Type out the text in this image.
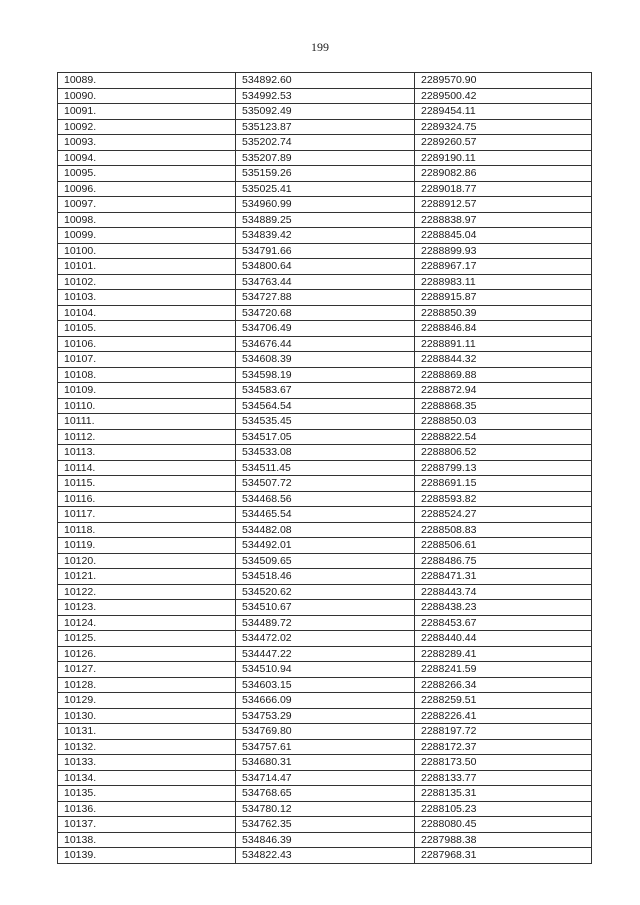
199
10089.	534892.60	2289570.90
10090.	534992.53	2289500.42
10091.	535092.49	2289454.11
10092.	535123.87	2289324.75
10093.	535202.74	2289260.57
10094.	535207.89	2289190.11
10095.	535159.26	2289082.86
10096.	535025.41	2289018.77
10097.	534960.99	2288912.57
10098.	534889.25	2288838.97
10099.	534839.42	2288845.04
10100.	534791.66	2288899.93
10101.	534800.64	2288967.17
10102.	534763.44	2288983.11
10103.	534727.88	2288915.87
10104.	534720.68	2288850.39
10105.	534706.49	2288846.84
10106.	534676.44	2288891.11
10107.	534608.39	2288844.32
10108.	534598.19	2288869.88
10109.	534583.67	2288872.94
10110.	534564.54	2288868.35
10111.	534535.45	2288850.03
10112.	534517.05	2288822.54
10113.	534533.08	2288806.52
10114.	534511.45	2288799.13
10115.	534507.72	2288691.15
10116.	534468.56	2288593.82
10117.	534465.54	2288524.27
10118.	534482.08	2288508.83
10119.	534492.01	2288506.61
10120.	534509.65	2288486.75
10121.	534518.46	2288471.31
10122.	534520.62	2288443.74
10123.	534510.67	2288438.23
10124.	534489.72	2288453.67
10125.	534472.02	2288440.44
10126.	534447.22	2288289.41
10127.	534510.94	2288241.59
10128.	534603.15	2288266.34
10129.	534666.09	2288259.51
10130.	534753.29	2288226.41
10131.	534769.80	2288197.72
10132.	534757.61	2288172.37
10133.	534680.31	2288173.50
10134.	534714.47	2288133.77
10135.	534768.65	2288135.31
10136.	534780.12	2288105.23
10137.	534762.35	2288080.45
10138.	534846.39	2287988.38
10139.	534822.43	2287968.31
